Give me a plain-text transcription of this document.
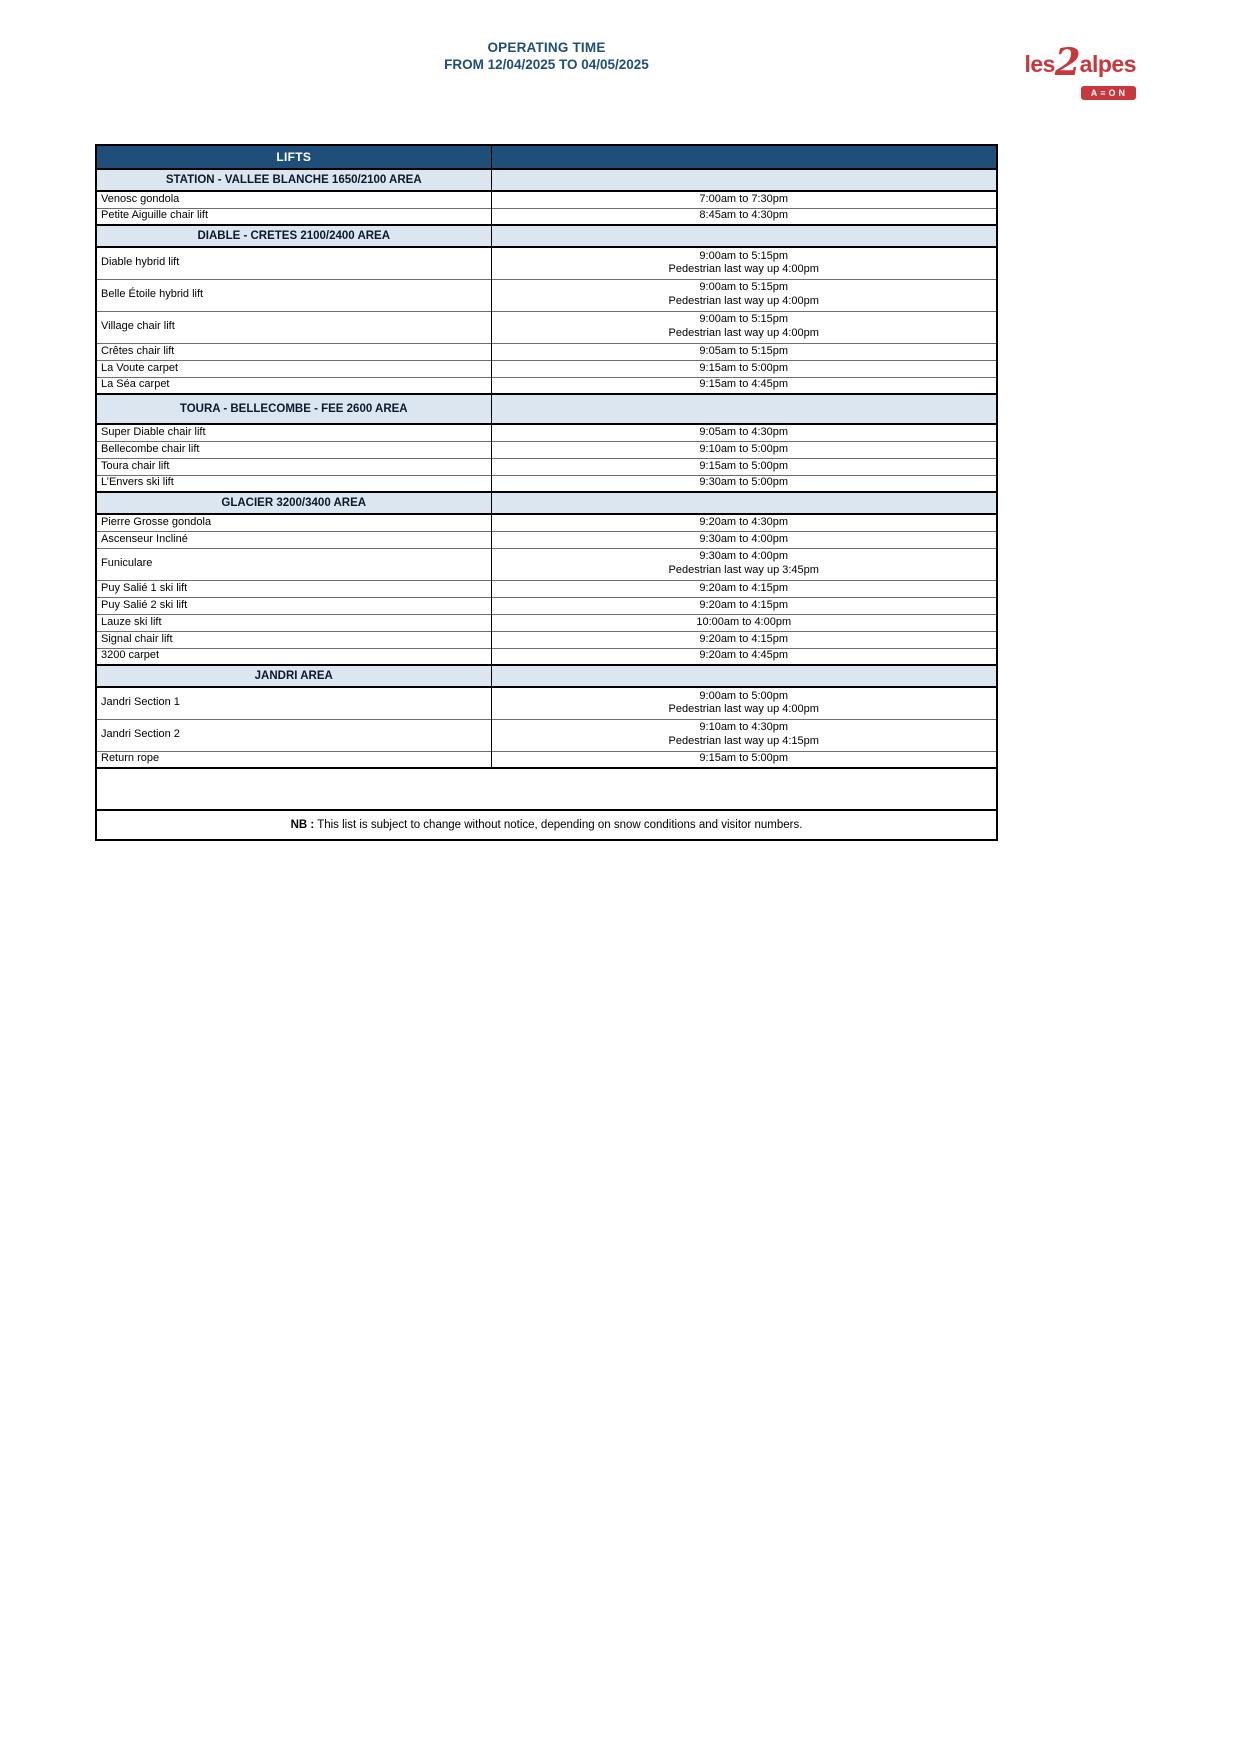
OPERATING TIME
FROM 12/04/2025 TO 04/05/2025	les 2 alpes
A≡ON
LIFTS	
STATION - VALLEE BLANCHE 1650/2100 AREA	
Venosc gondola	7:00am to 7:30pm

Petite Aiguille chair lift	8:45am to 4:30pm

DIABLE - CRETES 2100/2400 AREA	
Diable hybrid lift	9:00am to 5:15pm
Pedestrian last way up 4:00pm

Belle Étoile hybrid lift	9:00am to 5:15pm
Pedestrian last way up 4:00pm

Village chair lift	9:00am to 5:15pm
Pedestrian last way up 4:00pm

Crêtes chair lift	9:05am to 5:15pm

La Voute carpet	9:15am to 5:00pm

La Séa carpet	9:15am to 4:45pm

TOURA - BELLECOMBE - FEE 2600 AREA	
Super Diable chair lift	9:05am to 4:30pm

Bellecombe chair lift	9:10am to 5:00pm

Toura chair lift	9:15am to 5:00pm

L’Envers ski lift	9:30am to 5:00pm

GLACIER 3200/3400 AREA	
Pierre Grosse gondola	9:20am to 4:30pm

Ascenseur Incliné	9:30am to 4:00pm

Funiculare	9:30am to 4:00pm
Pedestrian last way up 3:45pm

Puy Salié 1 ski lift	9:20am to 4:15pm

Puy Salié 2 ski lift	9:20am to 4:15pm

Lauze ski lift	10:00am to 4:00pm

Signal chair lift	9:20am to 4:15pm

3200 carpet	9:20am to 4:45pm

JANDRI AREA	
Jandri Section 1	9:00am to 5:00pm
Pedestrian last way up 4:00pm

Jandri Section 2	9:10am to 4:30pm
Pedestrian last way up 4:15pm

Return rope	9:15am to 5:00pm

NB : This list is subject to change without notice, depending on snow conditions and visitor numbers.	
